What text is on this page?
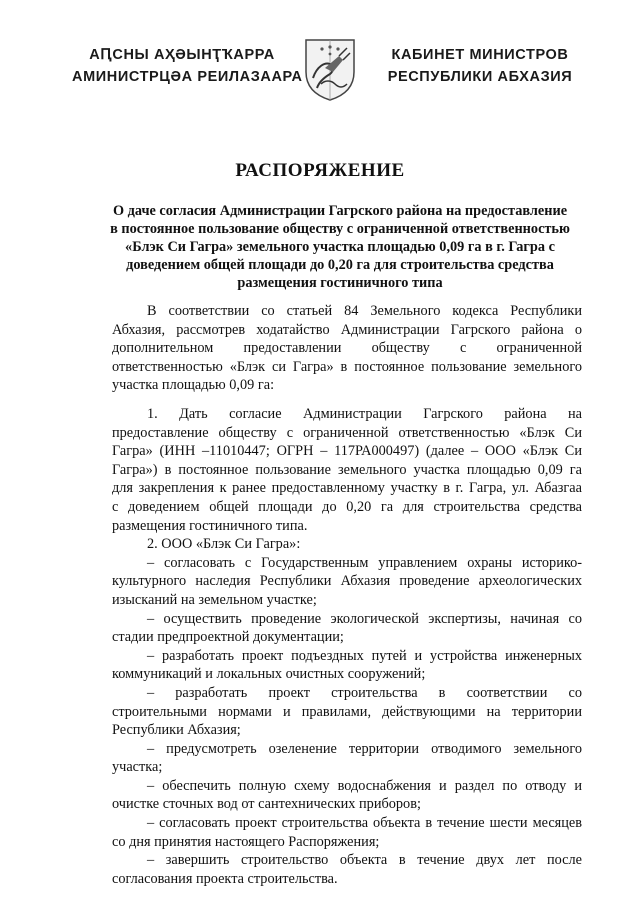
АԤСНЫ АҲӘЫНҬҠАРРА
АМИНИСТРЦӘА РЕИЛАЗААРА
КАБИНЕТ МИНИСТРОВ
РЕСПУБЛИКИ АБХАЗИЯ
РАСПОРЯЖЕНИЕ
О даче согласия Администрации Гагрского района на предоставление
в постоянное пользование обществу с ограниченной ответственностью
«Блэк Си Гагра» земельного участка площадью 0,09 га в г. Гагра с
доведением общей площади до 0,20 га для строительства средства
размещения гостиничного типа
В соответствии со статьей 84 Земельного кодекса Республики
Абхазия, рассмотрев ходатайство Администрации Гагрского района о
дополнительном предоставлении обществу с ограниченной
ответственностью «Блэк си Гагра» в постоянное пользование земельного
участка площадью 0,09 га:
1. Дать согласие Администрации Гагрского района на
предоставление обществу с ограниченной ответственностью «Блэк Си
Гагра» (ИНН –11010447; ОГРН – 117РА000497) (далее – ООО «Блэк Си
Гагра») в постоянное пользование земельного участка площадью 0,09 га
для закрепления к ранее предоставленному участку в г. Гагра, ул. Абазгаа
с доведением общей площади до 0,20 га для строительства средства
размещения гостиничного типа.
2. ООО «Блэк Си Гагра»:
– согласовать с Государственным управлением охраны историко-
культурного наследия Республики Абхазия проведение археологических
изысканий на земельном участке;
– осуществить проведение экологической экспертизы, начиная со
стадии предпроектной документации;
– разработать проект подъездных путей и устройства инженерных
коммуникаций и локальных очистных сооружений;
– разработать проект строительства в соответствии со
строительными нормами и правилами, действующими на территории
Республики Абхазия;
– предусмотреть озеленение территории отводимого земельного
участка;
– обеспечить полную схему водоснабжения и раздел по отводу и
очистке сточных вод от сантехнических приборов;
– согласовать проект строительства объекта в течение шести месяцев
со дня принятия настоящего Распоряжения;
– завершить строительство объекта в течение двух лет после
согласования проекта строительства.
